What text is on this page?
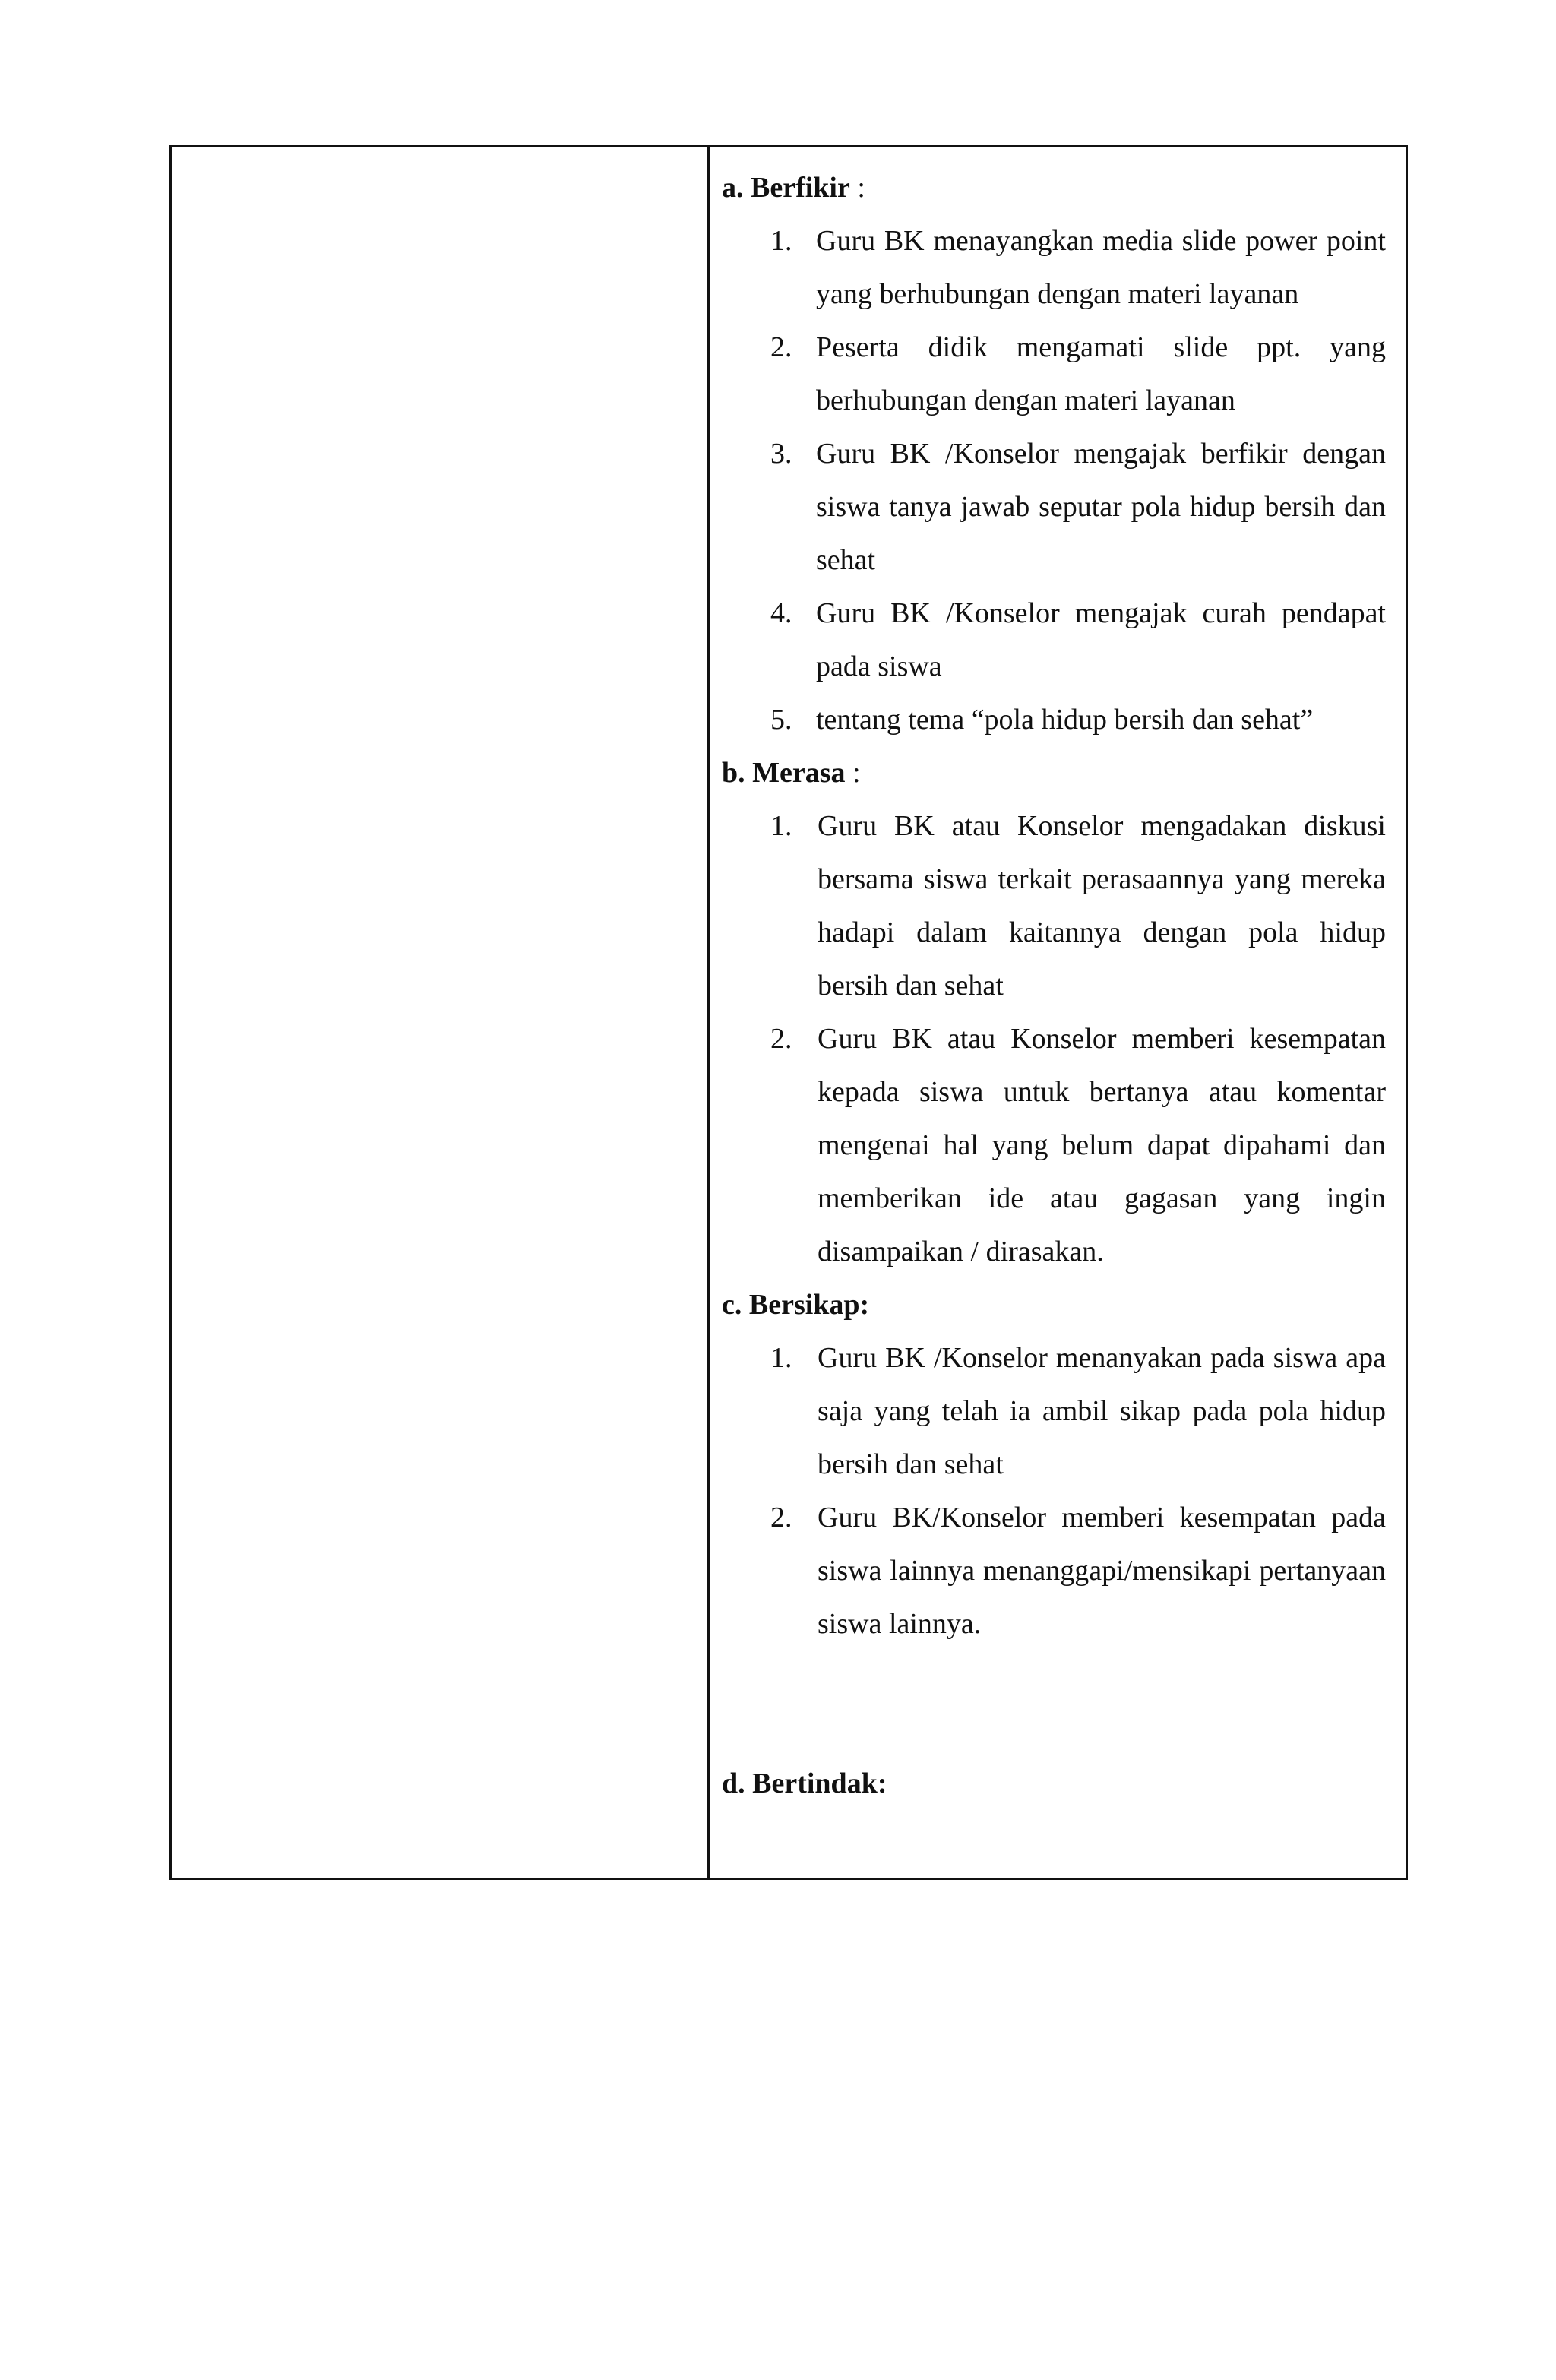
a. Berfikir :

1. Guru BK menayangkan media slide power point yang berhubungan dengan materi layanan
2. Peserta didik mengamati slide ppt. yang berhubungan dengan materi layanan
3. Guru BK /Konselor mengajak berfikir dengan siswa tanya jawab seputar pola hidup bersih dan sehat
4. Guru BK /Konselor mengajak curah pendapat pada siswa
5. tentang tema “pola hidup bersih dan sehat”

b. Merasa :

1. Guru BK atau Konselor mengadakan diskusi bersama siswa terkait perasaannya yang mereka hadapi dalam kaitannya dengan pola hidup bersih dan sehat
2. Guru BK atau Konselor memberi kesempatan kepada siswa untuk bertanya atau komentar mengenai hal yang belum dapat dipahami dan memberikan ide atau gagasan yang ingin disampaikan / dirasakan.

c. Bersikap:

1. Guru BK /Konselor menanyakan pada siswa apa saja yang telah ia ambil sikap pada pola hidup bersih dan sehat
2. Guru BK/Konselor memberi kesempatan pada siswa lainnya menanggapi/mensikapi pertanyaan siswa lainnya.

d. Bertindak:
